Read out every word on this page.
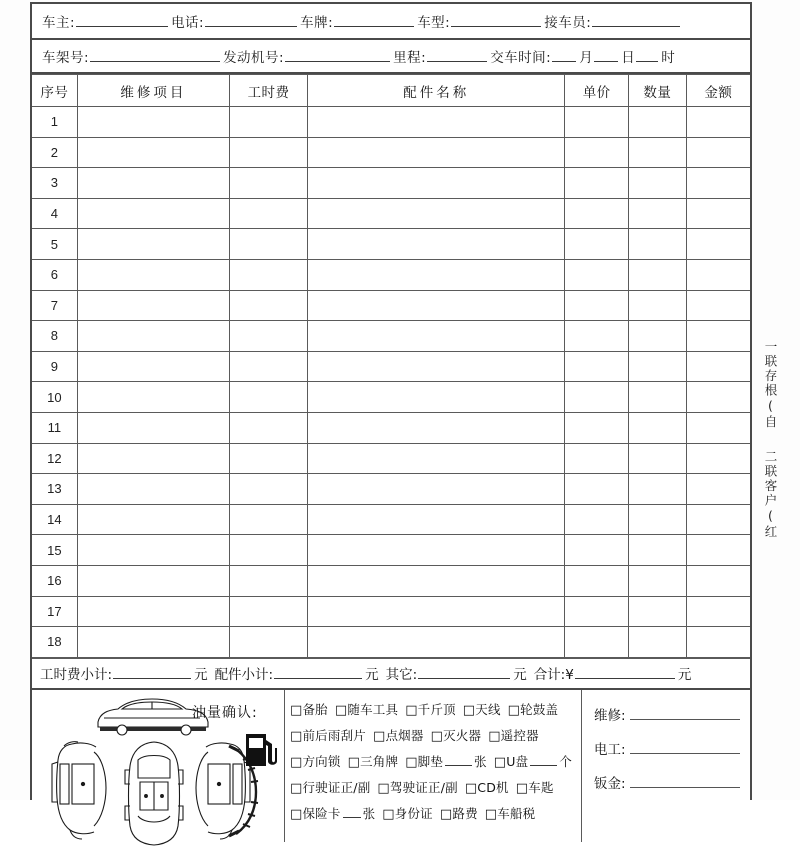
车主:	电话:	车牌:	车型:	接车员:
车架号:	发动机号:	里程:	交车时间: 月 日 时
序号	维修项目	工时费	配件名称	单价	数量	金额
1						
2						
3						
4						
5						
6						
7						
8						
9						
10						
11						
12						
13						
14						
15						
16						
17						
18						
工时费小计:	元 配件小计:	元 其它:	元 合计:¥	元
油量确认: □备胎 □随车工具 □千斤顶 □天线 □轮鼓盖
□前后雨刮片 □点烟器 □灭火器 □遥控器
□方向锁 □三角牌 □脚垫 张 □U盘 个
□行驶证正/副 □驾驶证正/副 □CD机 □车匙
□保险卡 张 □身份证 □路费 □车船税
维修:
电工:
钣金:
一联存根(自
二联客户(红
